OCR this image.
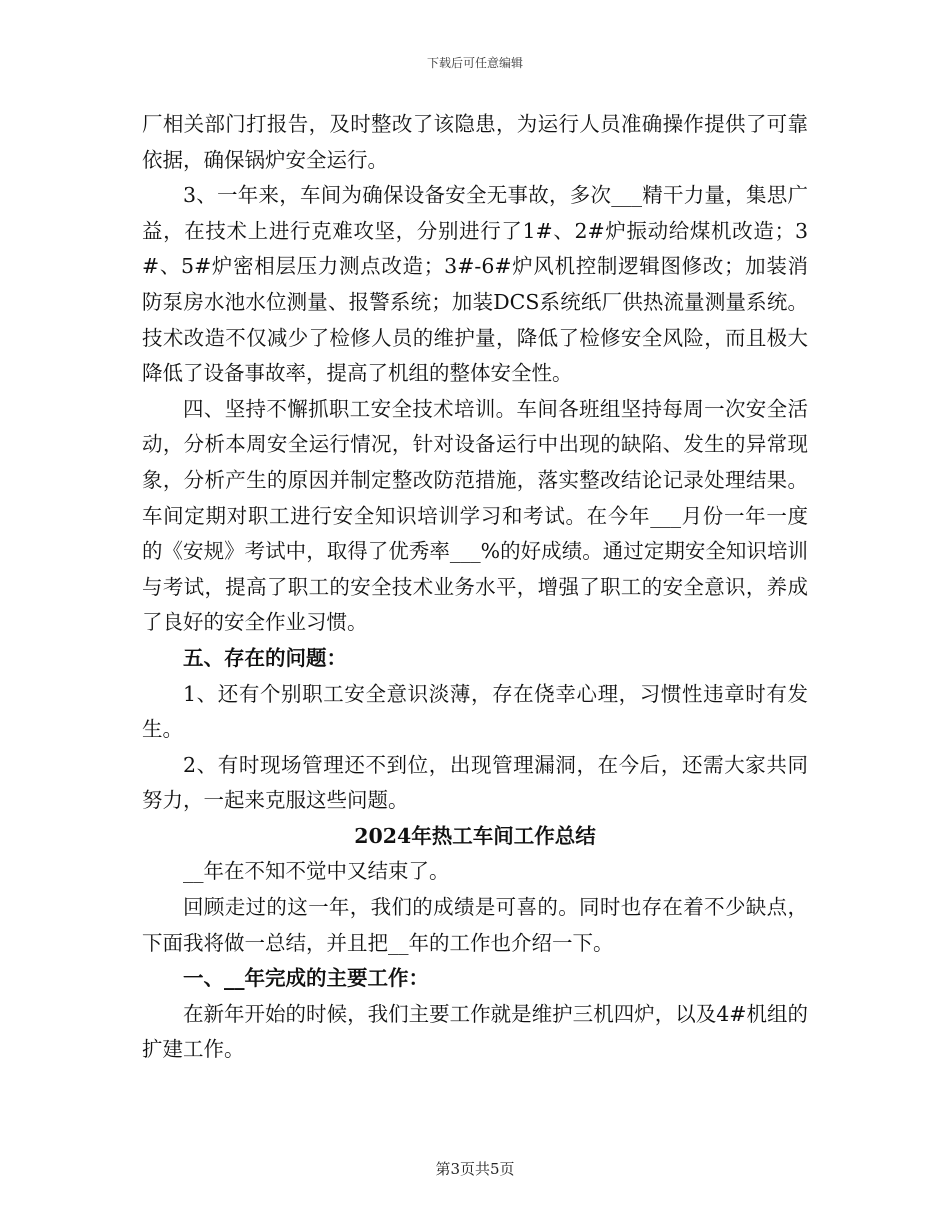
下载后可任意编辑

厂相关部门打报告，及时整改了该隐患，为运行人员准确操作提供了可靠依据，确保锅炉安全运行。

3、一年来，车间为确保设备安全无事故，多次___精干力量，集思广益，在技术上进行克难攻坚，分别进行了1#、2#炉振动给煤机改造；3#、5#炉密相层压力测点改造；3#-6#炉风机控制逻辑图修改；加装消防泵房水池水位测量、报警系统；加装DCS系统纸厂供热流量测量系统。技术改造不仅减少了检修人员的维护量，降低了检修安全风险，而且极大降低了设备事故率，提高了机组的整体安全性。

四、坚持不懈抓职工安全技术培训。车间各班组坚持每周一次安全活动，分析本周安全运行情况，针对设备运行中出现的缺陷、发生的异常现象，分析产生的原因并制定整改防范措施，落实整改结论记录处理结果。车间定期对职工进行安全知识培训学习和考试。在今年___月份一年一度的《安规》考试中，取得了优秀率___%的好成绩。通过定期安全知识培训与考试，提高了职工的安全技术业务水平，增强了职工的安全意识，养成了良好的安全作业习惯。

五、存在的问题：

1、还有个别职工安全意识淡薄，存在侥幸心理，习惯性违章时有发生。

2、有时现场管理还不到位，出现管理漏洞，在今后，还需大家共同努力，一起来克服这些问题。

2024年热工车间工作总结

__年在不知不觉中又结束了。

回顾走过的这一年，我们的成绩是可喜的。同时也存在着不少缺点，下面我将做一总结，并且把__年的工作也介绍一下。

一、__年完成的主要工作：

在新年开始的时候，我们主要工作就是维护三机四炉，以及4#机组的扩建工作。

第3页共5页
